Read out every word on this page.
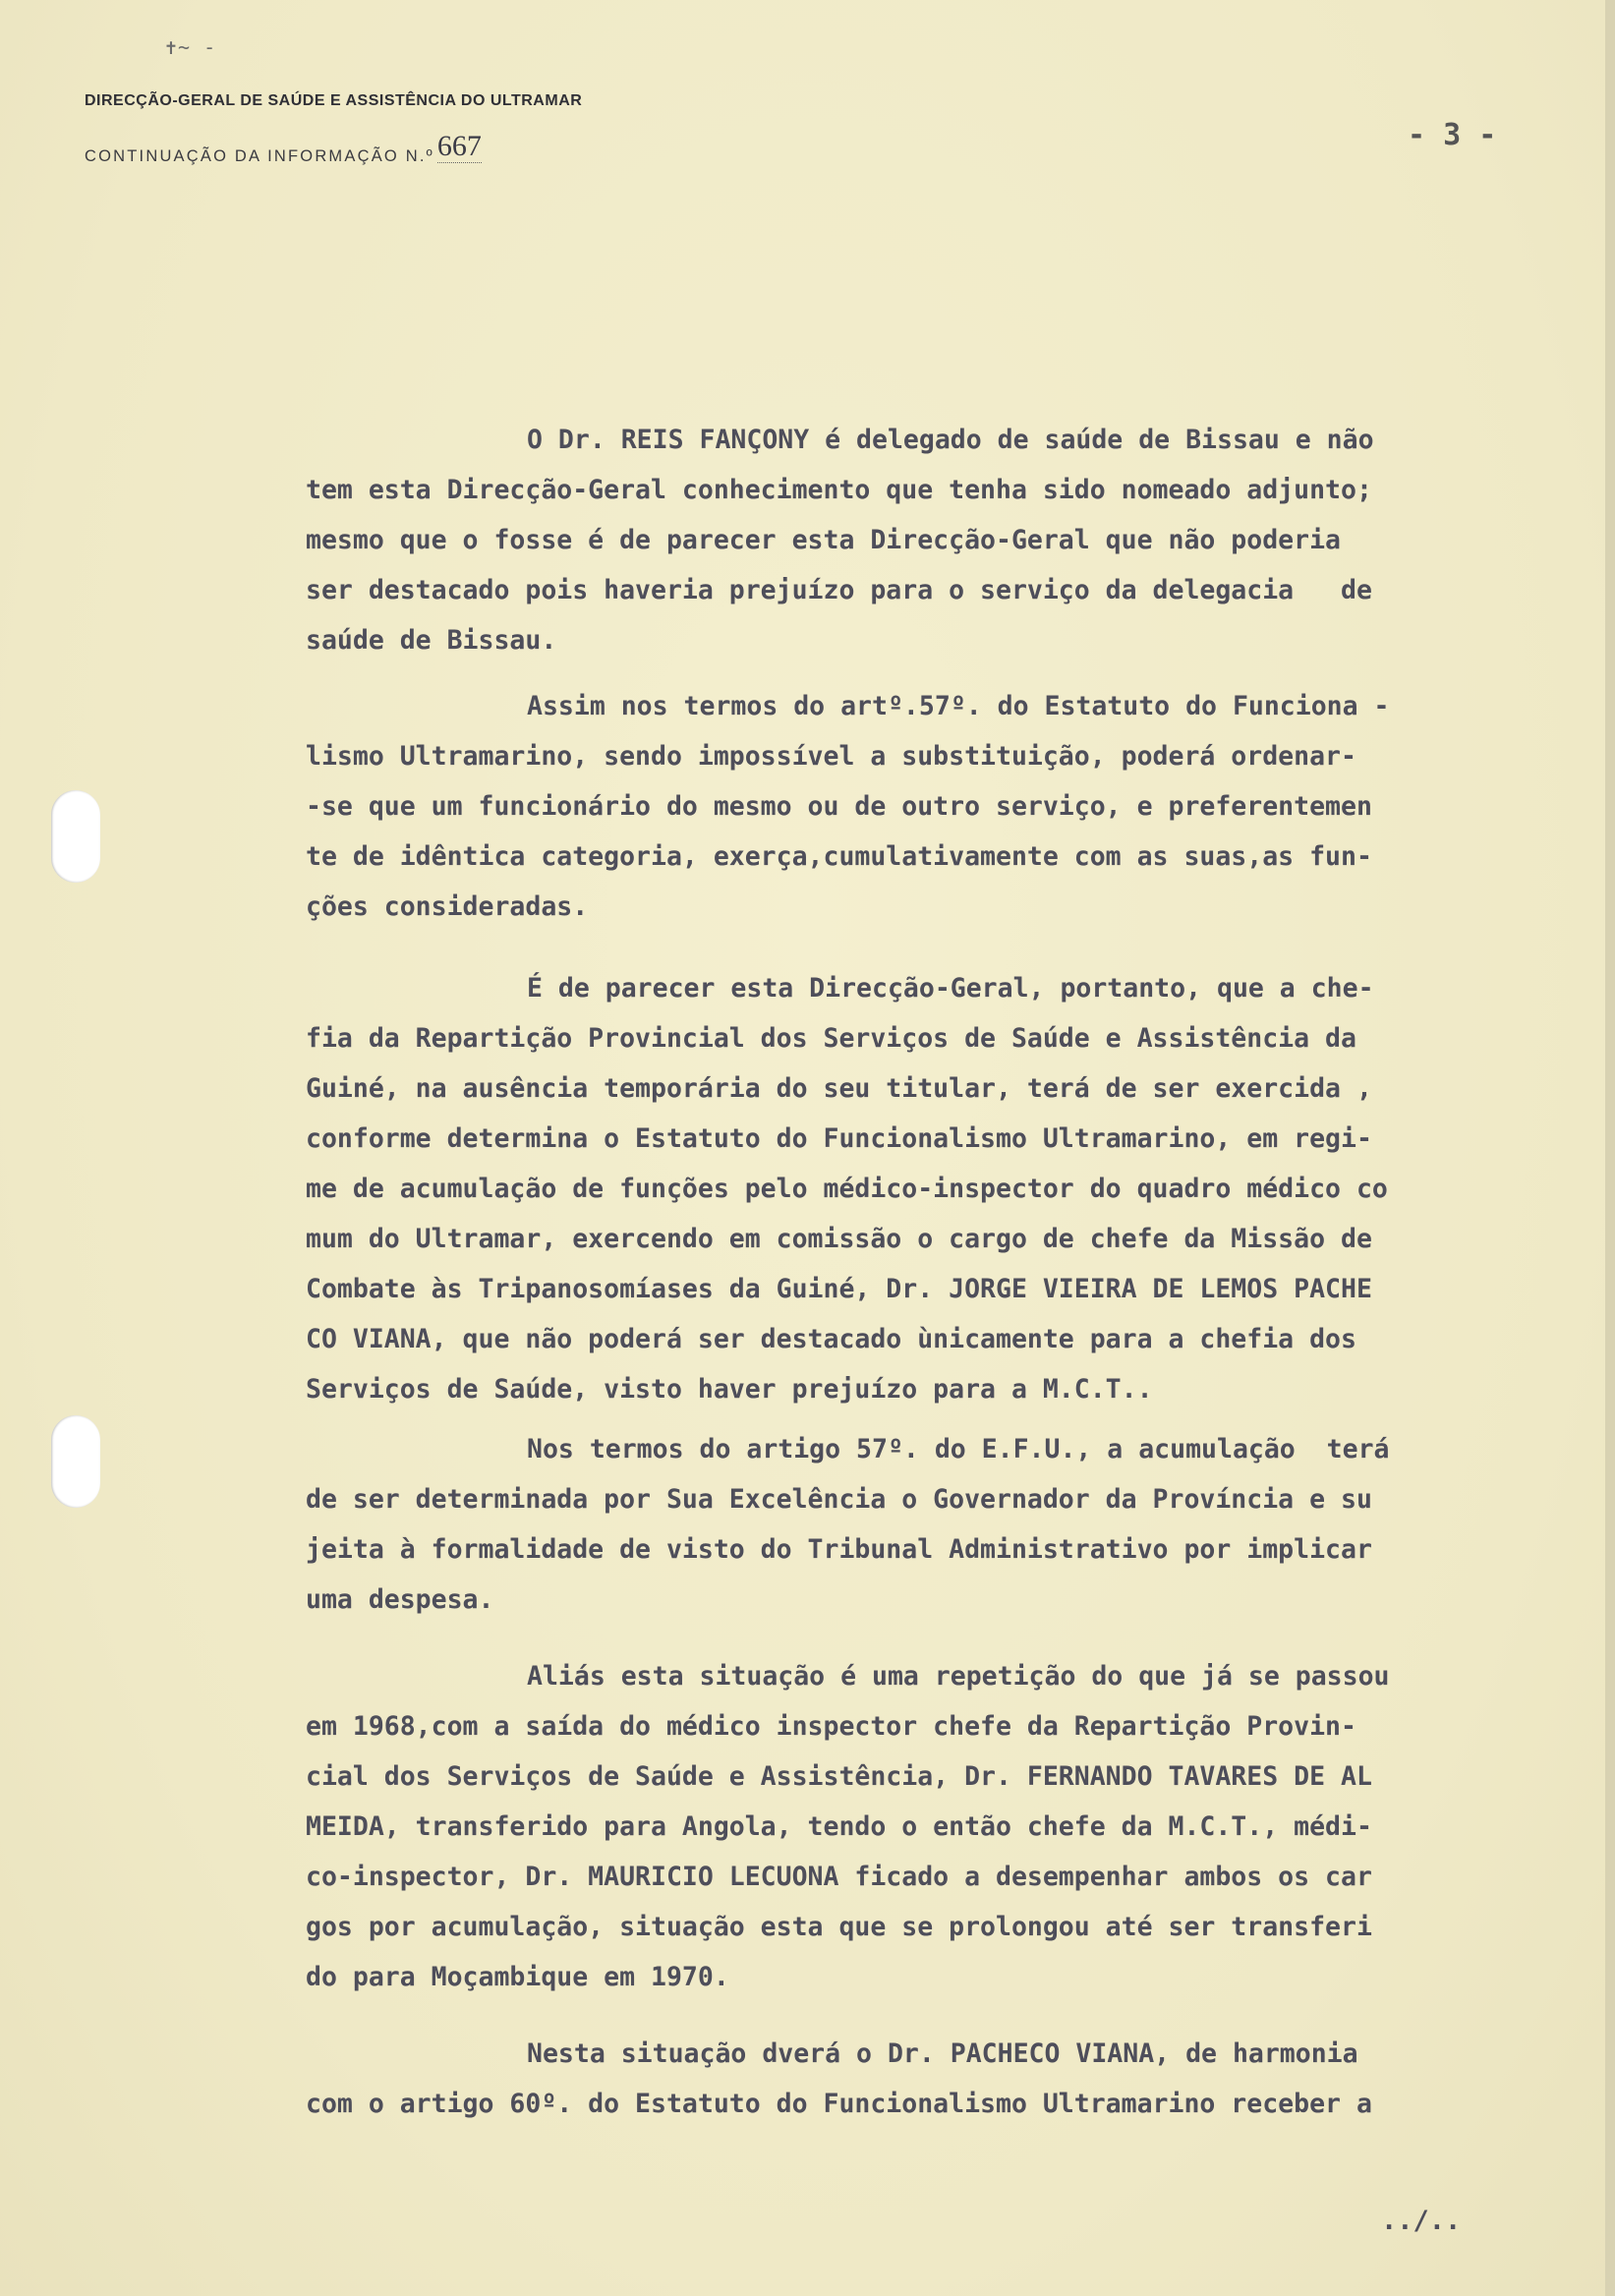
✝~ -
DIRECÇÃO-GERAL DE SAÚDE E ASSISTÊNCIA DO ULTRAMAR
CONTINUAÇÃO DA INFORMAÇÃO N.º 667	- 3 -
O Dr. REIS FANÇONY é delegado de saúde de Bissau e não
tem esta Direcção-Geral conhecimento que tenha sido nomeado adjunto;
mesmo que o fosse é de parecer esta Direcção-Geral que não poderia
ser destacado pois haveria prejuízo para o serviço da delegacia   de
saúde de Bissau.
Assim nos termos do artº.57º. do Estatuto do Funciona -
lismo Ultramarino, sendo impossível a substituição, poderá ordenar-
-se que um funcionário do mesmo ou de outro serviço, e preferentemen
te de idêntica categoria, exerça,cumulativamente com as suas,as fun-
ções consideradas.
É de parecer esta Direcção-Geral, portanto, que a che-
fia da Repartição Provincial dos Serviços de Saúde e Assistência da
Guiné, na ausência temporária do seu titular, terá de ser exercida ,
conforme determina o Estatuto do Funcionalismo Ultramarino, em regi-
me de acumulação de funções pelo médico-inspector do quadro médico co
mum do Ultramar, exercendo em comissão o cargo de chefe da Missão de
Combate às Tripanosomíases da Guiné, Dr. JORGE VIEIRA DE LEMOS PACHE
CO VIANA, que não poderá ser destacado ùnicamente para a chefia dos
Serviços de Saúde, visto haver prejuízo para a M.C.T..
Nos termos do artigo 57º. do E.F.U., a acumulação  terá
de ser determinada por Sua Excelência o Governador da Província e su
jeita à formalidade de visto do Tribunal Administrativo por implicar
uma despesa.
Aliás esta situação é uma repetição do que já se passou
em 1968,com a saída do médico inspector chefe da Repartição Provin-
cial dos Serviços de Saúde e Assistência, Dr. FERNANDO TAVARES DE AL
MEIDA, transferido para Angola, tendo o então chefe da M.C.T., médi-
co-inspector, Dr. MAURICIO LECUONA ficado a desempenhar ambos os car
gos por acumulação, situação esta que se prolongou até ser transferi
do para Moçambique em 1970.
Nesta situação dverá o Dr. PACHECO VIANA, de harmonia
com o artigo 60º. do Estatuto do Funcionalismo Ultramarino receber a
../..
